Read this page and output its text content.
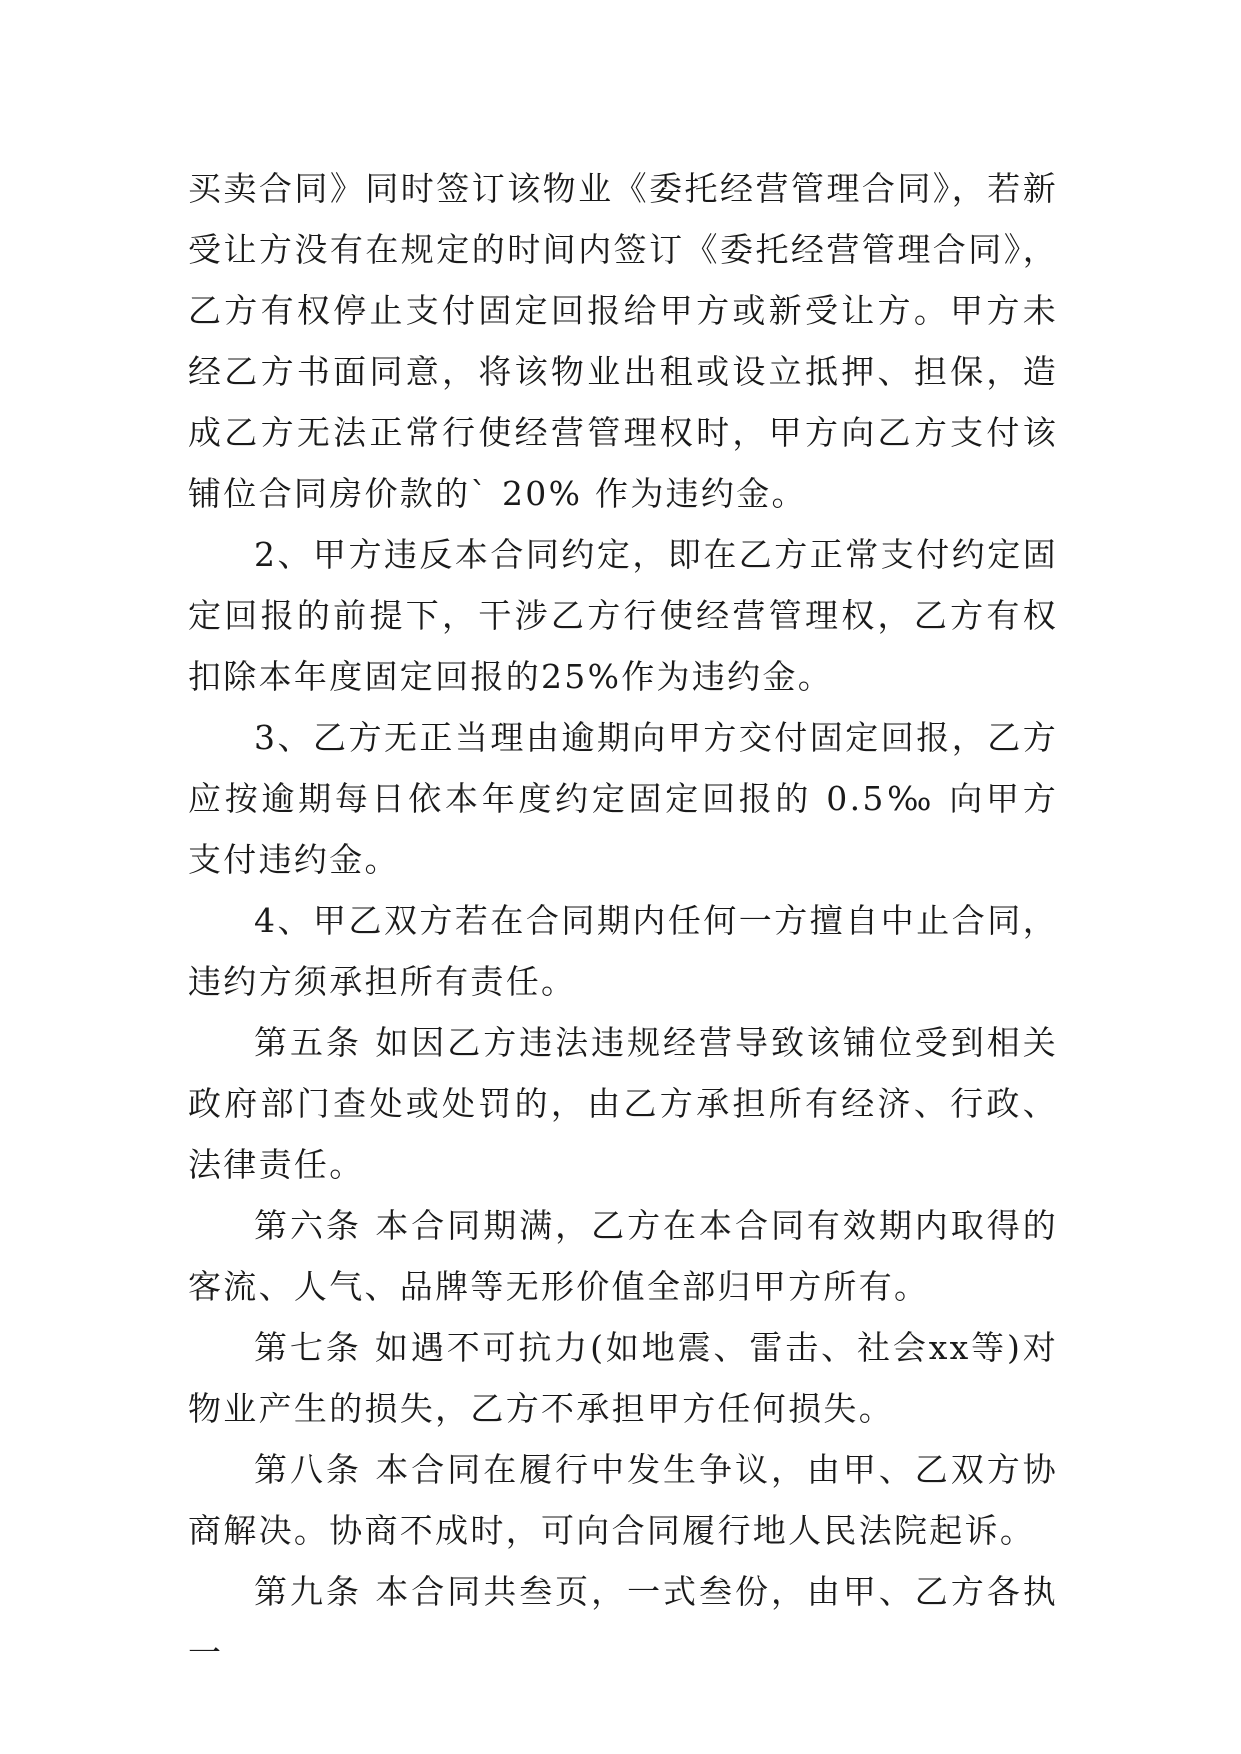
买卖合同》同时签订该物业《委托经营管理合同》，若新受让方没有在规定的时间内签订《委托经营管理合同》，乙方有权停止支付固定回报给甲方或新受让方。甲方未经乙方书面同意，将该物业出租或设立抵押、担保，造成乙方无法正常行使经营管理权时，甲方向乙方支付该铺位合同房价款的` 20% 作为违约金。

2、甲方违反本合同约定，即在乙方正常支付约定固定回报的前提下，干涉乙方行使经营管理权，乙方有权扣除本年度固定回报的25%作为违约金。

3、乙方无正当理由逾期向甲方交付固定回报，乙方应按逾期每日依本年度约定固定回报的 0.5‰ 向甲方支付违约金。

4、甲乙双方若在合同期内任何一方擅自中止合同，违约方须承担所有责任。

第五条 如因乙方违法违规经营导致该铺位受到相关政府部门查处或处罚的，由乙方承担所有经济、行政、法律责任。

第六条 本合同期满，乙方在本合同有效期内取得的客流、人气、品牌等无形价值全部归甲方所有。

第七条 如遇不可抗力(如地震、雷击、社会xx等)对物业产生的损失，乙方不承担甲方任何损失。

第八条 本合同在履行中发生争议，由甲、乙双方协商解决。协商不成时，可向合同履行地人民法院起诉。

第九条 本合同共叁页，一式叁份，由甲、乙方各执一
